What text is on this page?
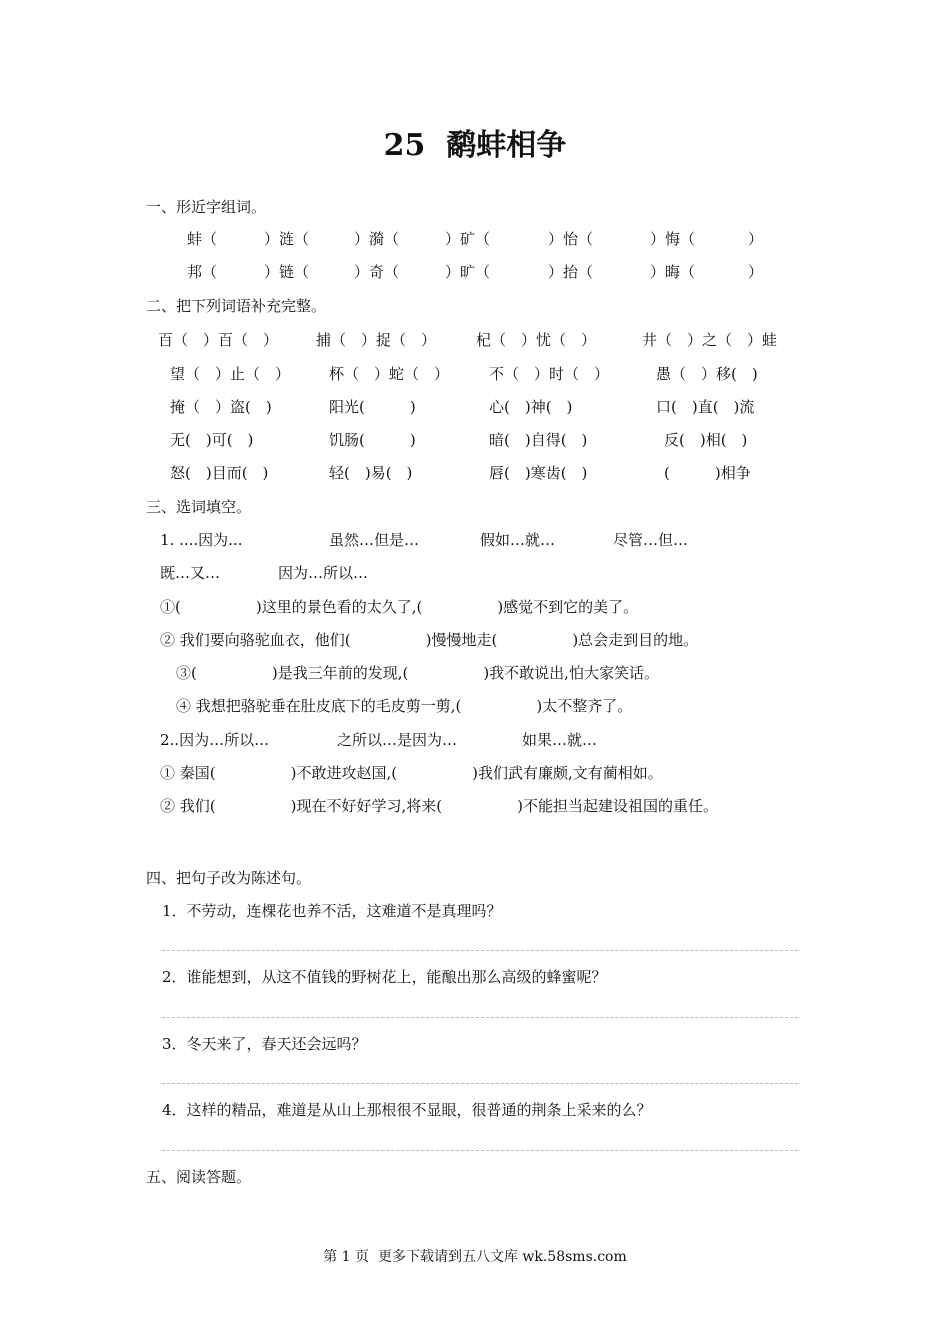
25  鹬蚌相争
一、形近字组词。
蚌（	）涟（	）漪（	）矿（	）怡（	）悔（	）
邦（	）链（	）奇（	）旷（	）抬（	）晦（	）
二、把下列词语补充完整。
百（　）百（　）	捕（　）捉（　）	杞（　）忧（　）	井（　）之（　）蛙
望（　）止（　）	杯（　）蛇（　）	不（　）时（　）	愚（　）移(　)
掩（　）盗(　)	阳光(　　　)	心(　)神(　)	口(　)直(　)流
无(　)可(　)	饥肠(　　　)	暗(　)自得(　)	反(　)相(　)
怒(　)目而(　)	轻(　)易(　)	唇(　)寒齿(　)	(　　　)相争
三、选词填空。
1. ....因为...	虽然…但是…	假如…就…	尽管…但…
既…又…	因为…所以…
①(　　　　　)这里的景色看的太久了,(　　　　　)感觉不到它的美了。
② 我们要向骆驼血衣，他们(　　　　　)慢慢地走(　　　　　)总会走到目的地。
③(　　　　　)是我三年前的发现,(　　　　　)我不敢说出,怕大家笑话。
④ 我想把骆驼垂在肚皮底下的毛皮剪一剪,(　　　　　)太不整齐了。
2..因为…所以…	之所以…是因为…	如果…就…
① 秦国(　　　　　)不敢进攻赵国,(　　　　　)我们武有廉颇,文有蔺相如。
② 我们(　　　　　)现在不好好学习,将来(　　　　　)不能担当起建设祖国的重任。
四、把句子改为陈述句。
1．不劳动，连棵花也养不活，这难道不是真理吗？
2．谁能想到，从这不值钱的野树花上，能酿出那么高级的蜂蜜呢？
3．冬天来了，春天还会远吗？
4．这样的精品，难道是从山上那根很不显眼，很普通的荆条上采来的么？
五、阅读答题。
第 1 页  更多下载请到五八文库 wk.58sms.com
